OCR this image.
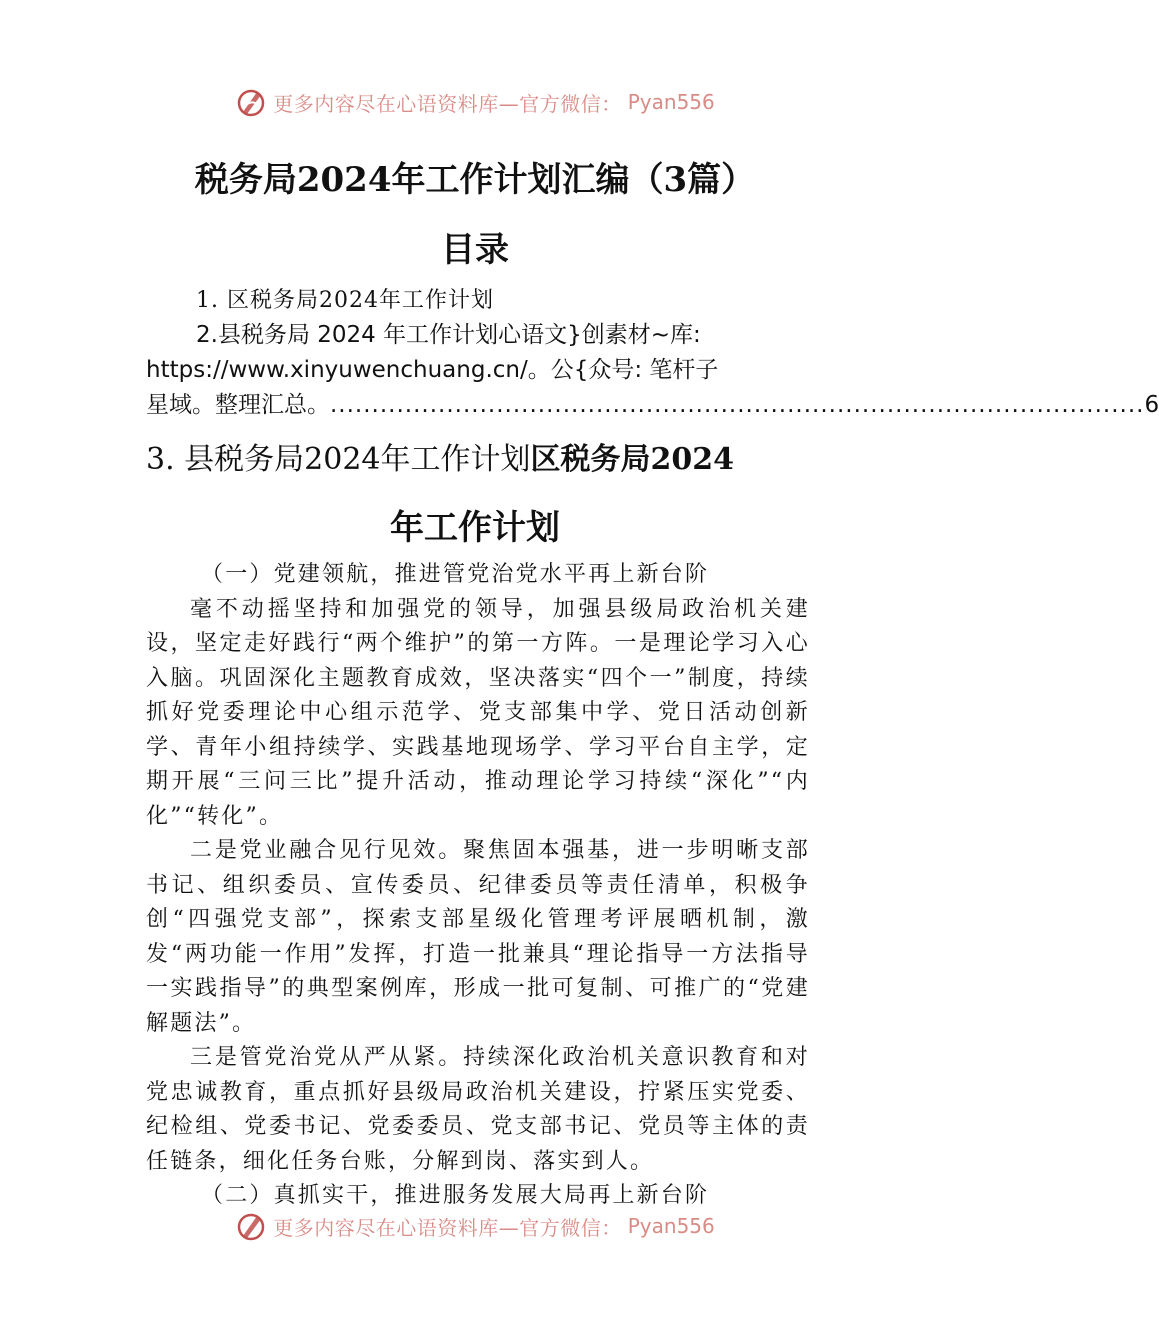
更多内容尽在心语资料库—官方微信： Pyan556
税务局2024年工作计划汇编（3篇）
目录
1. 区税务局2024年工作计划
2.县税务局 2024 年工作计划心语文}创素材~库:
https://www.xinyuwenchuang.cn/。公{众号: 笔杆子
星域。整理汇总。 .................................................................................................. 6
3. 县税务局2024年工作计划区税务局2024
年工作计划

（一）党建领航，推进管党治党水平再上新台阶

毫不动摇坚持和加强党的领导，加强县级局政治机关建设，坚定走好践行“两个维护”的第一方阵。一是理论学习入心入脑。巩固深化主题教育成效，坚决落实“四个一”制度，持续抓好党委理论中心组示范学、党支部集中学、党日活动创新学、青年小组持续学、实践基地现场学、学习平台自主学，定期开展“三问三比”提升活动，推动理论学习持续“深化”“内化”“转化”。

二是党业融合见行见效。聚焦固本强基，进一步明晰支部书记、组织委员、宣传委员、纪律委员等责任清单，积极争创“四强党支部”，探索支部星级化管理考评展晒机制，激发“两功能一作用”发挥，打造一批兼具“理论指导一方法指导一实践指导”的典型案例库，形成一批可复制、可推广的“党建解题法”。

三是管党治党从严从紧。持续深化政治机关意识教育和对党忠诚教育，重点抓好县级局政治机关建设，拧紧压实党委、纪检组、党委书记、党委委员、党支部书记、党员等主体的责任链条，细化任务台账，分解到岗、落实到人。

（二）真抓实干，推进服务发展大局再上新台阶

更多内容尽在心语资料库—官方微信： Pyan556
